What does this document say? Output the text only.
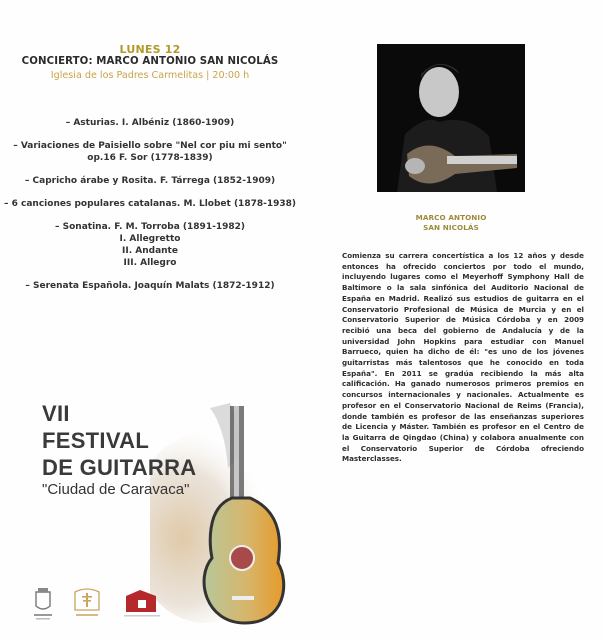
LUNES 12
CONCIERTO: MARCO ANTONIO SAN NICOLÁS
Iglesia de los Padres Carmelitas | 20:00 h
– Asturias. I. Albéniz (1860-1909)
– Variaciones de Paisiello sobre "Nel cor piu mi sento"
op.16 F. Sor (1778-1839)
– Capricho árabe y Rosita. F. Tárrega (1852-1909)
– 6 canciones populares catalanas. M. Llobet (1878-1938)
– Sonatina. F. M. Torroba (1891-1982)
I. Allegretto
II. Andante
III. Allegro
– Serenata Española. Joaquín Malats (1872-1912)
VII
FESTIVAL
DE GUITARRA
"Ciudad de Caravaca"
MARCO ANTONIO
SAN NICOLÁS
Comienza su carrera concertística a los 12 años y desde entonces ha ofrecido conciertos por todo el mundo, incluyendo lugares como el Meyerhoff Symphony Hall de Baltimore o la sala sinfónica del Auditorio Nacional de España en Madrid. Realizó sus estudios de guitarra en el Conservatorio Profesional de Música de Murcia y en el Conservatorio Superior de Música Córdoba y en 2009 recibió una beca del gobierno de Andalucía y de la universidad John Hopkins para estudiar con Manuel Barrueco, quien ha dicho de él: "es uno de los jóvenes guitarristas más talentosos que he conocido en toda España". En 2011 se gradúa recibiendo la más alta calificación. Ha ganado numerosos primeros premios en concursos internacionales y nacionales. Actualmente es profesor en el Conservatorio Nacional de Reims (Francia), donde también es profesor de las enseñanzas superiores de Licencia y Máster. También es profesor en el Centro de la Guitarra de Qingdao (China) y colabora anualmente con el Conservatorio Superior de Córdoba ofreciendo Masterclasses.
